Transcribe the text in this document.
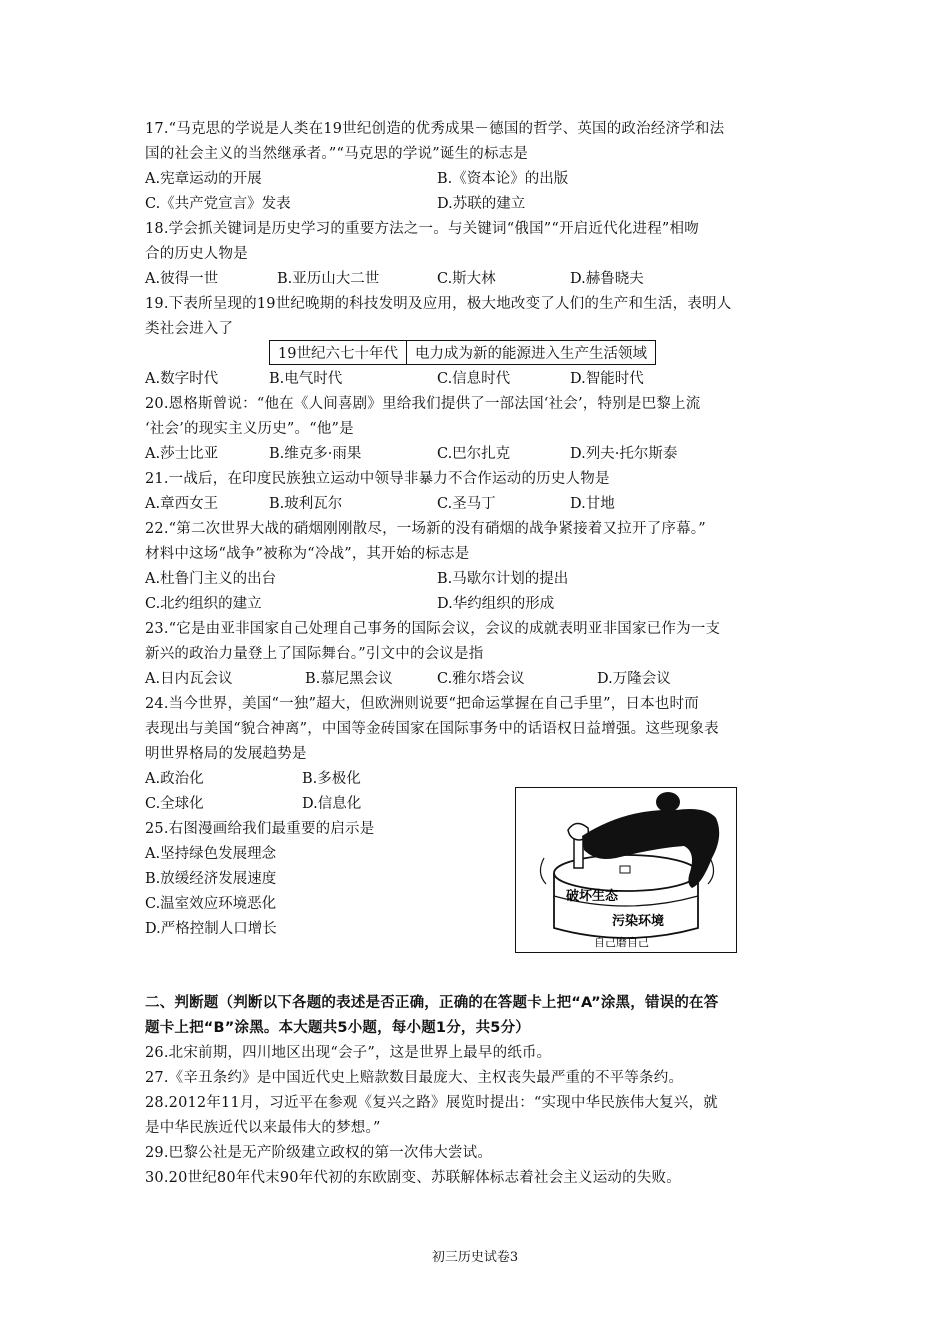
17.“马克思的学说是人类在19世纪创造的优秀成果－德国的哲学、英国的政治经济学和法
国的社会主义的当然继承者。”“马克思的学说”诞生的标志是
A.宪章运动的开展	B.《资本论》的出版
C.《共产党宣言》发表	D.苏联的建立
18.学会抓关键词是历史学习的重要方法之一。与关键词“俄国”“开启近代化进程”相吻
合的历史人物是
A.彼得一世	B.亚历山大二世	C.斯大林	D.赫鲁晓夫
19.下表所呈现的19世纪晚期的科技发明及应用，极大地改变了人们的生产和生活，表明人
类社会进入了
19世纪六七十年代	电力成为新的能源进入生产生活领域
A.数字时代	B.电气时代	C.信息时代	D.智能时代
20.恩格斯曾说：“他在《人间喜剧》里给我们提供了一部法国‘社会’，特别是巴黎上流
‘社会’的现实主义历史”。“他”是
A.莎士比亚	B.维克多·雨果	C.巴尔扎克	D.列夫·托尔斯泰
21.一战后，在印度民族独立运动中领导非暴力不合作运动的历史人物是
A.章西女王	B.玻利瓦尔	C.圣马丁	D.甘地
22.“第二次世界大战的硝烟刚刚散尽，一场新的没有硝烟的战争紧接着又拉开了序幕。”
材料中这场“战争”被称为“冷战”，其开始的标志是
A.杜鲁门主义的出台	B.马歇尔计划的提出
C.北约组织的建立	D.华约组织的形成
23.“它是由亚非国家自己处理自己事务的国际会议，会议的成就表明亚非国家已作为一支
新兴的政治力量登上了国际舞台。”引文中的会议是指
A.日内瓦会议	B.慕尼黑会议	C.雅尔塔会议	D.万隆会议
24.当今世界，美国“一独”超大，但欧洲则说要“把命运掌握在自己手里”，日本也时而
表现出与美国“貌合神离”，中国等金砖国家在国际事务中的话语权日益增强。这些现象表
明世界格局的发展趋势是
A.政治化	B.多极化
C.全球化	D.信息化
25.右图漫画给我们最重要的启示是
A.坚持绿色发展理念
B.放缓经济发展速度
C.温室效应环境恶化
D.严格控制人口增长
破坏生态
污染环境
自己磨自己
二、判断题（判断以下各题的表述是否正确，正确的在答题卡上把“A”涂黑，错误的在答
题卡上把“B”涂黑。本大题共5小题，每小题1分，共5分）
26.北宋前期，四川地区出现“会子”，这是世界上最早的纸币。
27.《辛丑条约》是中国近代史上赔款数目最庞大、主权丧失最严重的不平等条约。
28.2012年11月，习近平在参观《复兴之路》展览时提出：“实现中华民族伟大复兴，就
是中华民族近代以来最伟大的梦想。”
29.巴黎公社是无产阶级建立政权的第一次伟大尝试。
30.20世纪80年代末90年代初的东欧剧变、苏联解体标志着社会主义运动的失败。
初三历史试卷3
